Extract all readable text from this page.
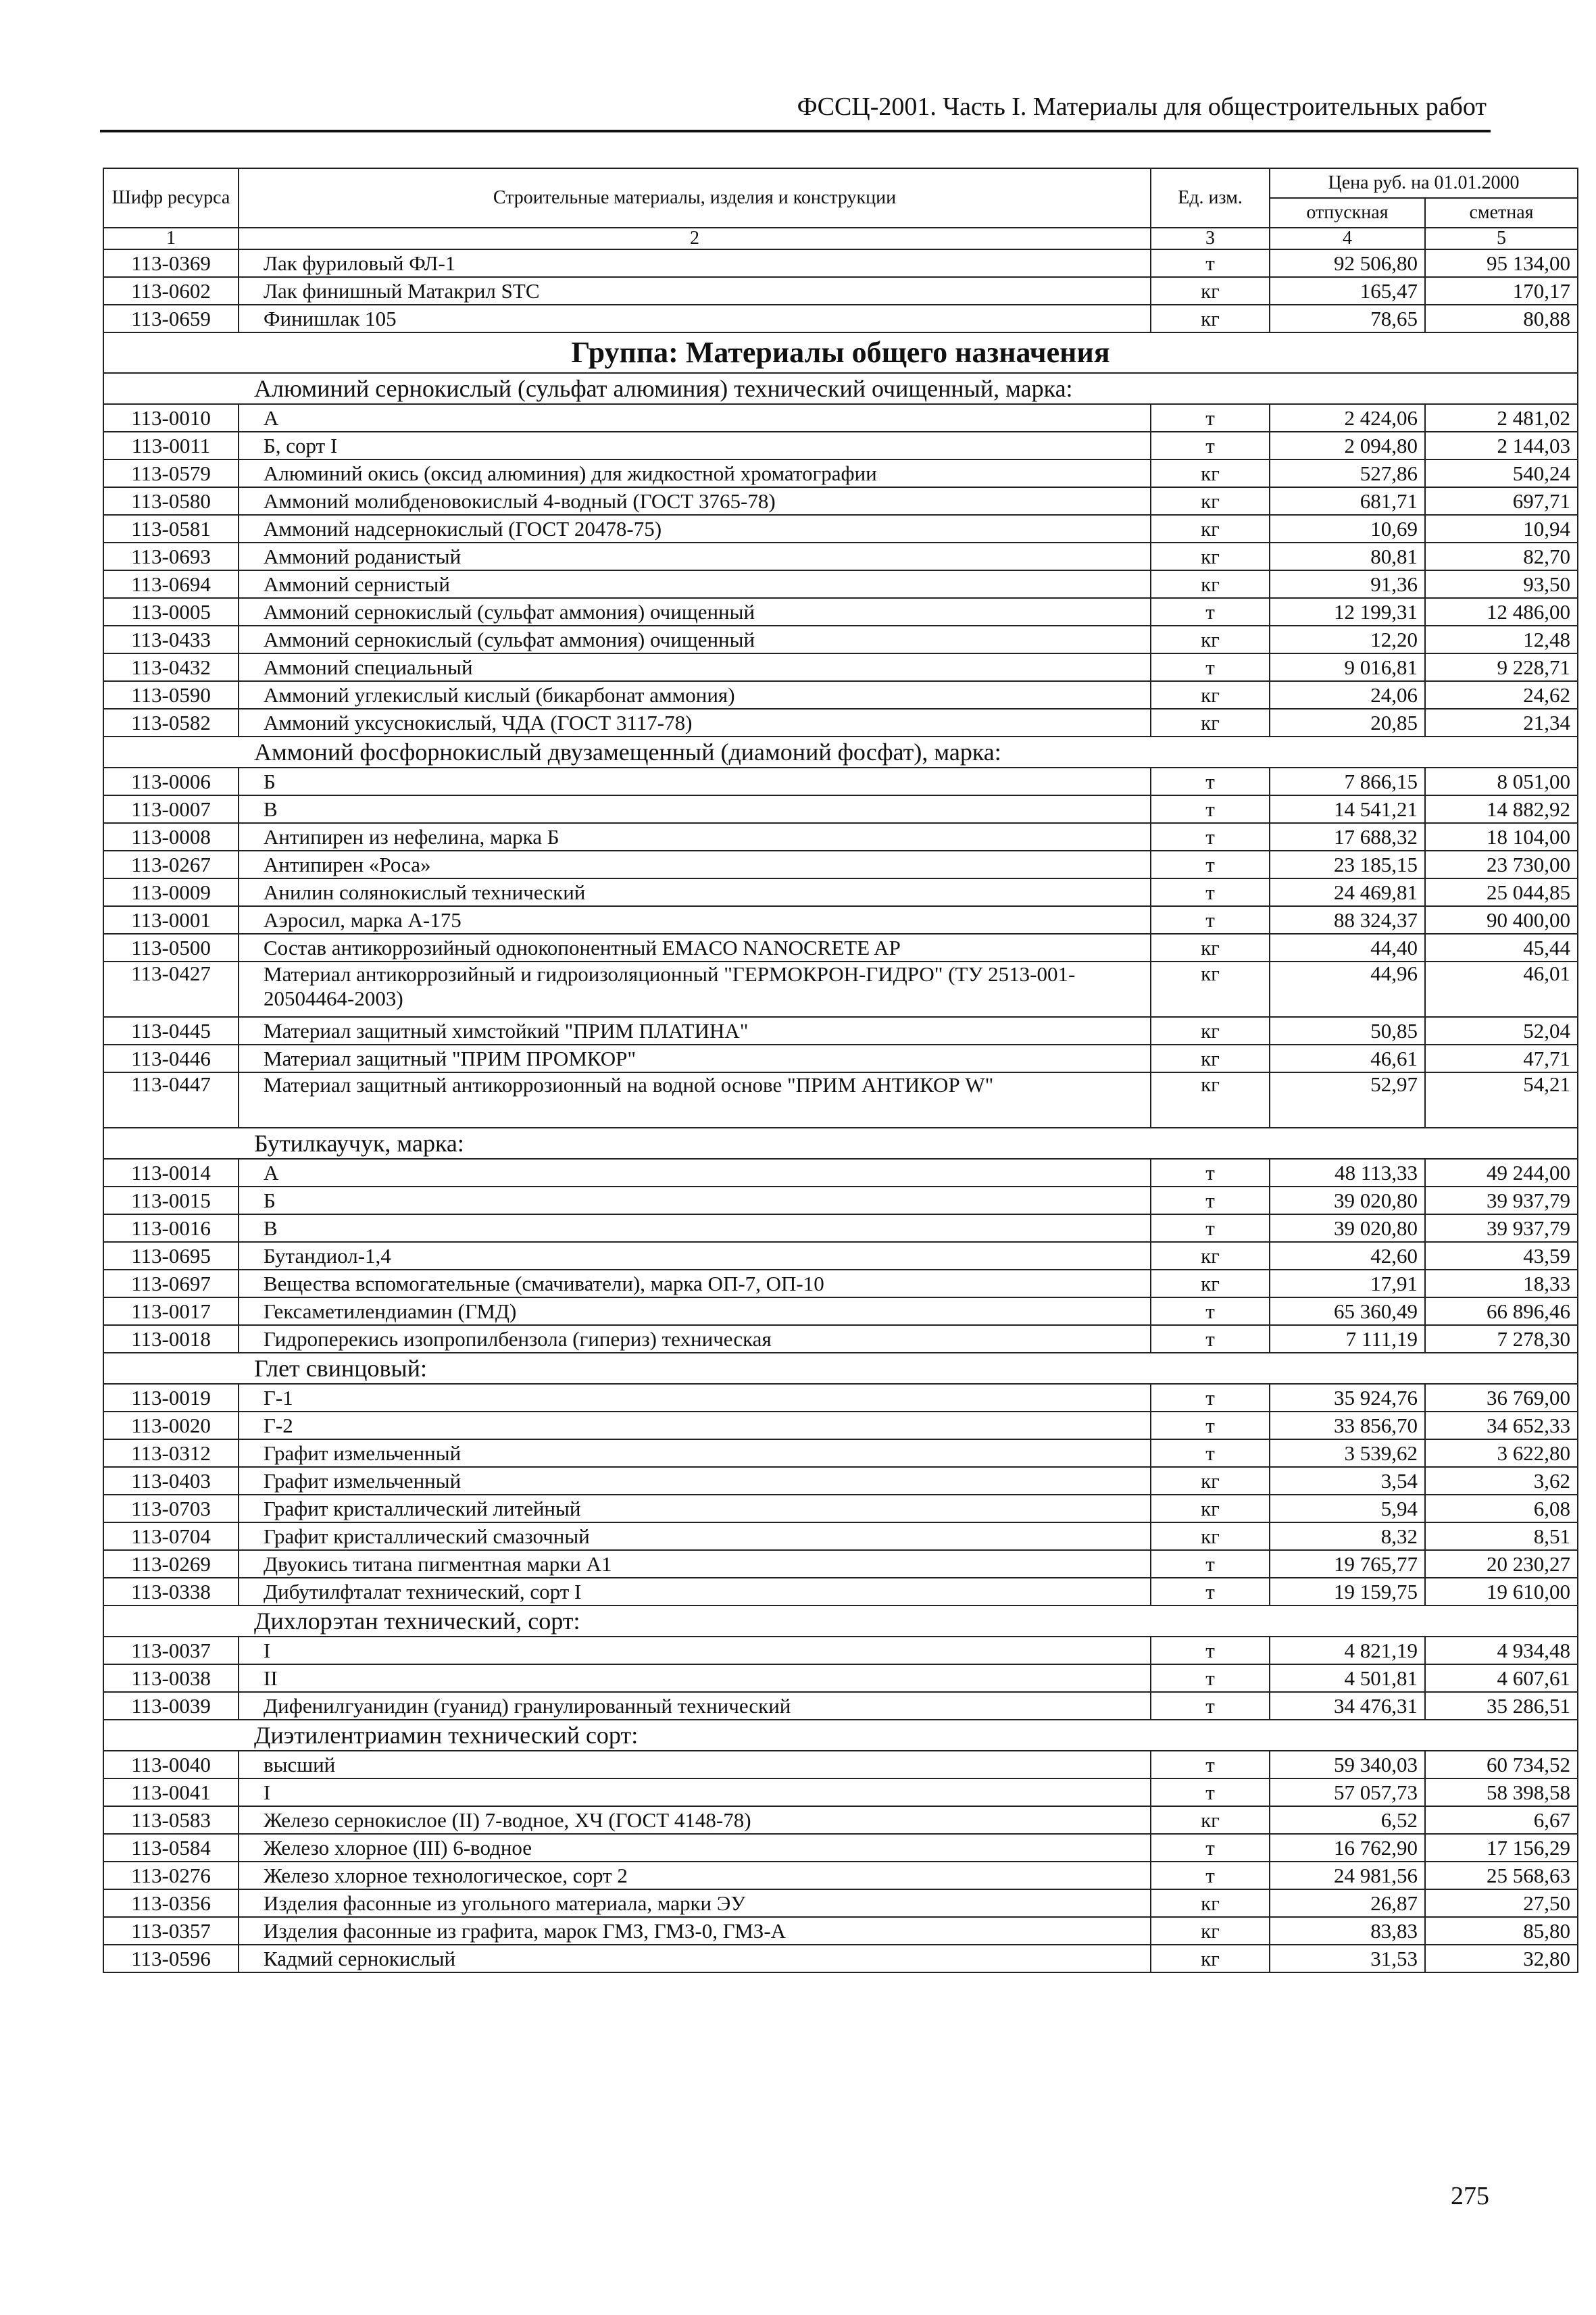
ФССЦ-2001. Часть I. Материалы для общестроительных работ
Шифр ресурса	Строительные материалы, изделия и конструкции	Ед. изм.	Цена руб. на 01.01.2000	
			отпускная	сметная
1	2	3	4	5
113-0369	Лак фуриловый ФЛ-1	т	92 506,80	95 134,00
113-0602	Лак финишный Матакрил STC	кг	165,47	170,17
113-0659	Финишлак 105	кг	78,65	80,88
Группа: Материалы общего назначения				
Алюминий сернокислый (сульфат алюминия) технический очищенный, марка:				
113-0010	А	т	2 424,06	2 481,02
113-0011	Б, сорт I	т	2 094,80	2 144,03
113-0579	Алюминий окись (оксид алюминия) для жидкостной хроматографии	кг	527,86	540,24
113-0580	Аммоний молибденовокислый 4-водный (ГОСТ 3765-78)	кг	681,71	697,71
113-0581	Аммоний надсернокислый (ГОСТ 20478-75)	кг	10,69	10,94
113-0693	Аммоний роданистый	кг	80,81	82,70
113-0694	Аммоний сернистый	кг	91,36	93,50
113-0005	Аммоний сернокислый (сульфат аммония) очищенный	т	12 199,31	12 486,00
113-0433	Аммоний сернокислый (сульфат аммония) очищенный	кг	12,20	12,48
113-0432	Аммоний специальный	т	9 016,81	9 228,71
113-0590	Аммоний углекислый кислый (бикарбонат аммония)	кг	24,06	24,62
113-0582	Аммоний уксуснокислый, ЧДА (ГОСТ 3117-78)	кг	20,85	21,34
Аммоний фосфорнокислый двузамещенный (диамоний фосфат), марка:				
113-0006	Б	т	7 866,15	8 051,00
113-0007	В	т	14 541,21	14 882,92
113-0008	Антипирен из нефелина, марка Б	т	17 688,32	18 104,00
113-0267	Антипирен «Роса»	т	23 185,15	23 730,00
113-0009	Анилин солянокислый технический	т	24 469,81	25 044,85
113-0001	Аэросил, марка А-175	т	88 324,37	90 400,00
113-0500	Состав антикоррозийный однокопонентный EMACO NANOCRETE AP	кг	44,40	45,44
113-0427	Материал антикоррозийный и гидроизоляционный "ГЕРМОКРОН-ГИДРО" (ТУ 2513-001-20504464-2003)	кг	44,96	46,01
113-0445	Материал защитный химстойкий "ПРИМ ПЛАТИНА"	кг	50,85	52,04
113-0446	Материал защитный "ПРИМ ПРОМКОР"	кг	46,61	47,71
113-0447	Материал защитный антикоррозионный на водной основе "ПРИМ АНТИКОР W"	кг	52,97	54,21
Бутилкаучук, марка:				
113-0014	А	т	48 113,33	49 244,00
113-0015	Б	т	39 020,80	39 937,79
113-0016	В	т	39 020,80	39 937,79
113-0695	Бутандиол-1,4	кг	42,60	43,59
113-0697	Вещества вспомогательные (смачиватели), марка ОП-7, ОП-10	кг	17,91	18,33
113-0017	Гексаметилендиамин (ГМД)	т	65 360,49	66 896,46
113-0018	Гидроперекись изопропилбензола (гипериз) техническая	т	7 111,19	7 278,30
Глет свинцовый:				
113-0019	Г-1	т	35 924,76	36 769,00
113-0020	Г-2	т	33 856,70	34 652,33
113-0312	Графит измельченный	т	3 539,62	3 622,80
113-0403	Графит измельченный	кг	3,54	3,62
113-0703	Графит кристаллический литейный	кг	5,94	6,08
113-0704	Графит кристаллический смазочный	кг	8,32	8,51
113-0269	Двуокись титана пигментная марки А1	т	19 765,77	20 230,27
113-0338	Дибутилфталат технический, сорт I	т	19 159,75	19 610,00
Дихлорэтан технический, сорт:				
113-0037	I	т	4 821,19	4 934,48
113-0038	II	т	4 501,81	4 607,61
113-0039	Дифенилгуанидин (гуанид) гранулированный технический	т	34 476,31	35 286,51
Диэтилентриамин технический сорт:				
113-0040	высший	т	59 340,03	60 734,52
113-0041	I	т	57 057,73	58 398,58
113-0583	Железо сернокислое (II) 7-водное, ХЧ (ГОСТ 4148-78)	кг	6,52	6,67
113-0584	Железо хлорное (III) 6-водное	т	16 762,90	17 156,29
113-0276	Железо хлорное технологическое, сорт 2	т	24 981,56	25 568,63
113-0356	Изделия фасонные из угольного материала, марки ЭУ	кг	26,87	27,50
113-0357	Изделия фасонные из графита, марок ГМЗ, ГМЗ-0, ГМЗ-А	кг	83,83	85,80
113-0596	Кадмий сернокислый	кг	31,53	32,80
275
